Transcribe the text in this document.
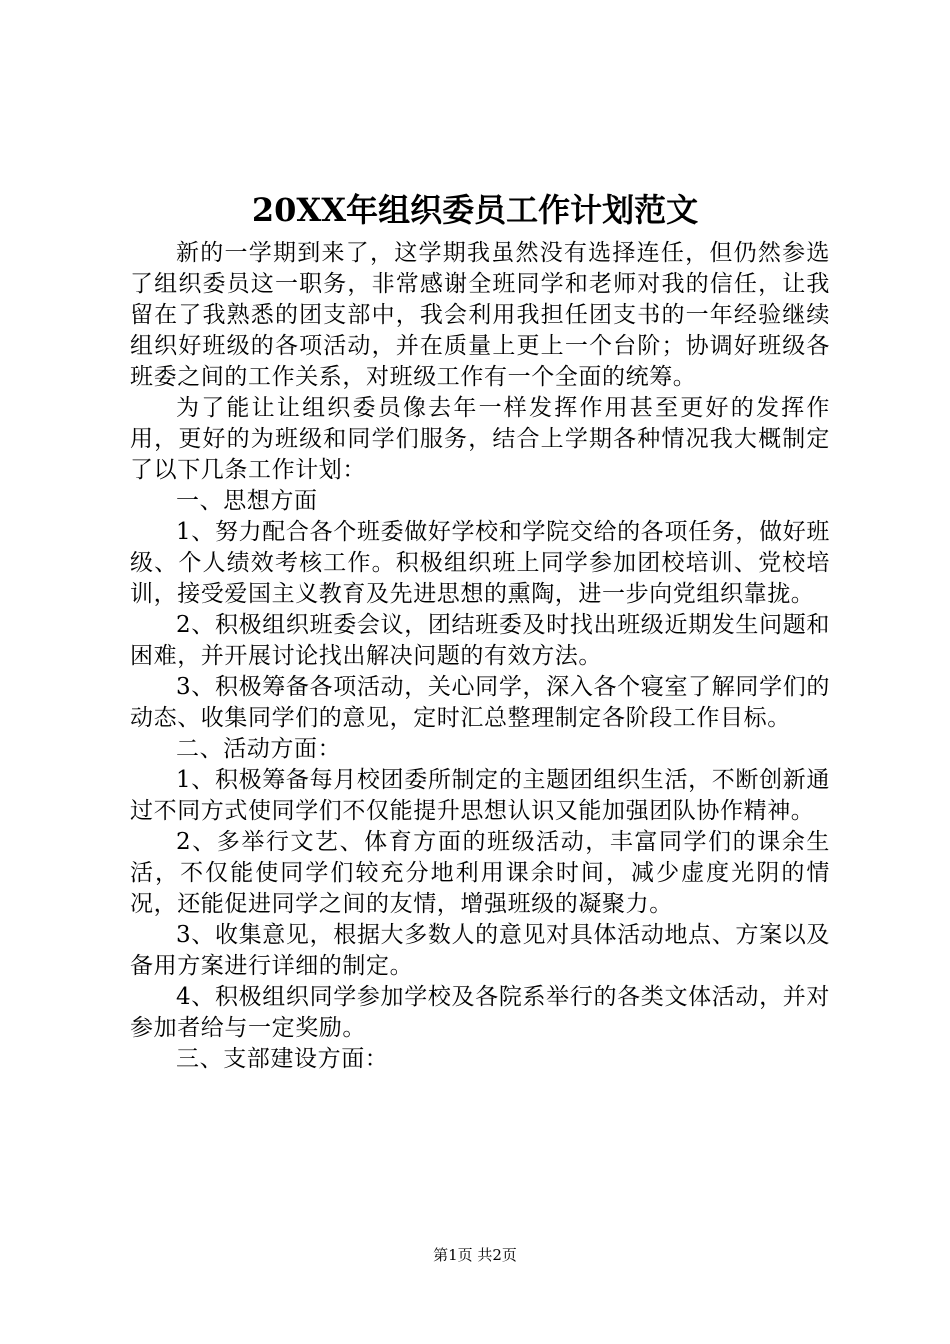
20XX年组织委员工作计划范文

新的一学期到来了，这学期我虽然没有选择连任，但仍然参选了组织委员这一职务，非常感谢全班同学和老师对我的信任，让我留在了我熟悉的团支部中，我会利用我担任团支书的一年经验继续组织好班级的各项活动，并在质量上更上一个台阶；协调好班级各班委之间的工作关系，对班级工作有一个全面的统筹。

为了能让让组织委员像去年一样发挥作用甚至更好的发挥作用，更好的为班级和同学们服务，结合上学期各种情况我大概制定了以下几条工作计划：

一、思想方面

1、努力配合各个班委做好学校和学院交给的各项任务，做好班级、个人绩效考核工作。积极组织班上同学参加团校培训、党校培训，接受爱国主义教育及先进思想的熏陶，进一步向党组织靠拢。

2、积极组织班委会议，团结班委及时找出班级近期发生问题和困难，并开展讨论找出解决问题的有效方法。

3、积极筹备各项活动，关心同学，深入各个寝室了解同学们的动态、收集同学们的意见，定时汇总整理制定各阶段工作目标。

二、活动方面：

1、积极筹备每月校团委所制定的主题团组织生活，不断创新通过不同方式使同学们不仅能提升思想认识又能加强团队协作精神。

2、多举行文艺、体育方面的班级活动，丰富同学们的课余生活，不仅能使同学们较充分地利用课余时间，减少虚度光阴的情况，还能促进同学之间的友情，增强班级的凝聚力。

3、收集意见，根据大多数人的意见对具体活动地点、方案以及备用方案进行详细的制定。

4、积极组织同学参加学校及各院系举行的各类文体活动，并对参加者给与一定奖励。

三、支部建设方面：

第1页 共2页
